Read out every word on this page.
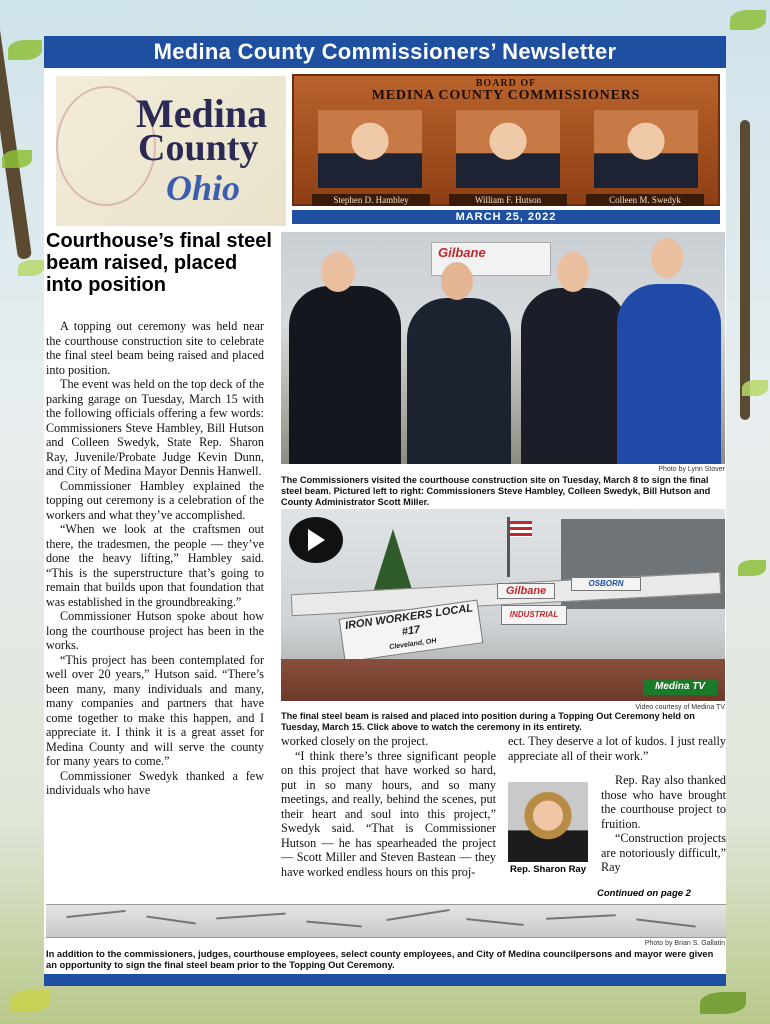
Medina County Commissioners’ Newsletter
Medina
County
Ohio
BOARD OF
MEDINA COUNTY COMMISSIONERS
Stephen D. Hambley	William F. Hutson	Colleen M. Swedyk
MARCH 25, 2022
Courthouse’s final steel beam raised, placed into position

A topping out ceremony was held near the courthouse construction site to celebrate the final steel beam being raised and placed into position.

The event was held on the top deck of the parking garage on Tuesday, March 15 with the following officials offering a few words: Commissioners Steve Hambley, Bill Hutson and Colleen Swedyk, State Rep. Sharon Ray, Juvenile/Probate Judge Kevin Dunn, and City of Medina Mayor Dennis Hanwell.

Commissioner Hambley explained the topping out ceremony is a celebration of the workers and what they’ve accomplished.

“When we look at the craftsmen out there, the tradesmen, the people — they’ve done the heavy lifting,” Hambley said. “This is the superstructure that’s going to remain that builds upon that foundation that was established in the groundbreaking.”

Commissioner Hutson spoke about how long the courthouse project has been in the works.

“This project has been contemplated for well over 20 years,” Hutson said. “There’s been many, many individuals and many, many companies and partners that have come together to make this happen, and I appreciate it. I think it is a great asset for Medina County and will serve the county for many years to come.”

Commissioner Swedyk thanked a few individuals who have

Gilbane
Photo by Lynn Stover
The Commissioners visited the courthouse construction site on Tuesday, March 8 to sign the final steel beam. Pictured left to right: Commissioners Steve Hambley, Colleen Swedyk, Bill Hutson and County Administrator Scott Miller.
Gilbane
OSBORN
IRON WORKERS LOCAL #17
Cleveland, OH
INDUSTRIAL
Medina TV
Video courtesy of Medina TV
The final steel beam is raised and placed into position during a Topping Out Ceremony held on Tuesday, March 15. Click above to watch the ceremony in its entirety.

worked closely on the project.

“I think there’s three significant people on this project that have worked so hard, put in so many hours, and so many meetings, and really, behind the scenes, put their heart and soul into this project,” Swedyk said. “That is Commissioner Hutson — he has spearheaded the project — Scott Miller and Steven Bastean — they have worked endless hours on this proj-

ect. They deserve a lot of kudos. I just really appreciate all of their work.”
Rep. Sharon Ray

Rep. Ray also thanked those who have brought the courthouse project to fruition.

“Construction projects are notoriously difficult,” Ray

Continued on page 2
Photo by Brian S. Gallatin
In addition to the commissioners, judges, courthouse employees, select county employees, and City of Medina councilpersons and mayor were given an opportunity to sign the final steel beam prior to the Topping Out Ceremony.
